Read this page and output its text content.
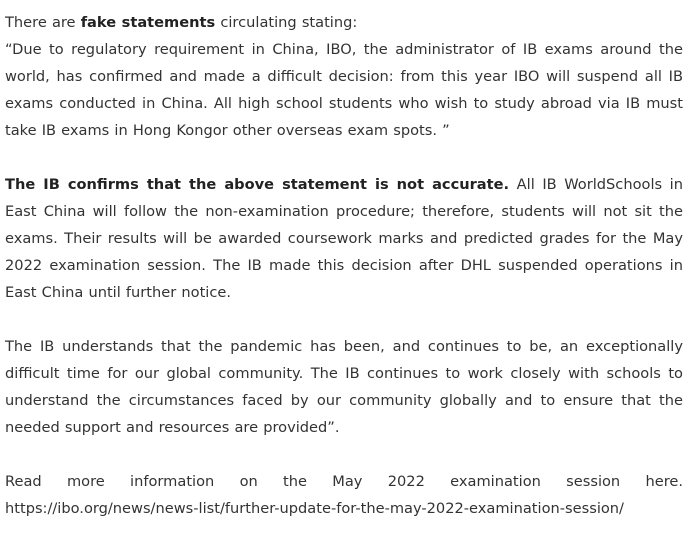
There are fake statements circulating stating:
“Due to regulatory requirement in China, IBO, the administrator of IB exams around the world, has confirmed and made a difficult decision: from this year IBO will suspend all IB exams conducted in China. All high school students who wish to study abroad via IB must take IB exams in Hong Kongor other overseas exam spots. ”

The IB confirms that the above statement is not accurate. All IB WorldSchools in East China will follow the non-examination procedure; therefore, students will not sit the exams. Their results will be awarded coursework marks and predicted grades for the May 2022 examination session. The IB made this decision after DHL suspended operations in East China until further notice.

The IB understands that the pandemic has been, and continues to be, an exceptionally difficult time for our global community. The IB continues to work closely with schools to understand the circumstances faced by our community globally and to ensure that the needed support and resources are provided”.

Read more information on the May 2022 examination session here.
https://ibo.org/news/news-list/further-update-for-the-may-2022-examination-session/
